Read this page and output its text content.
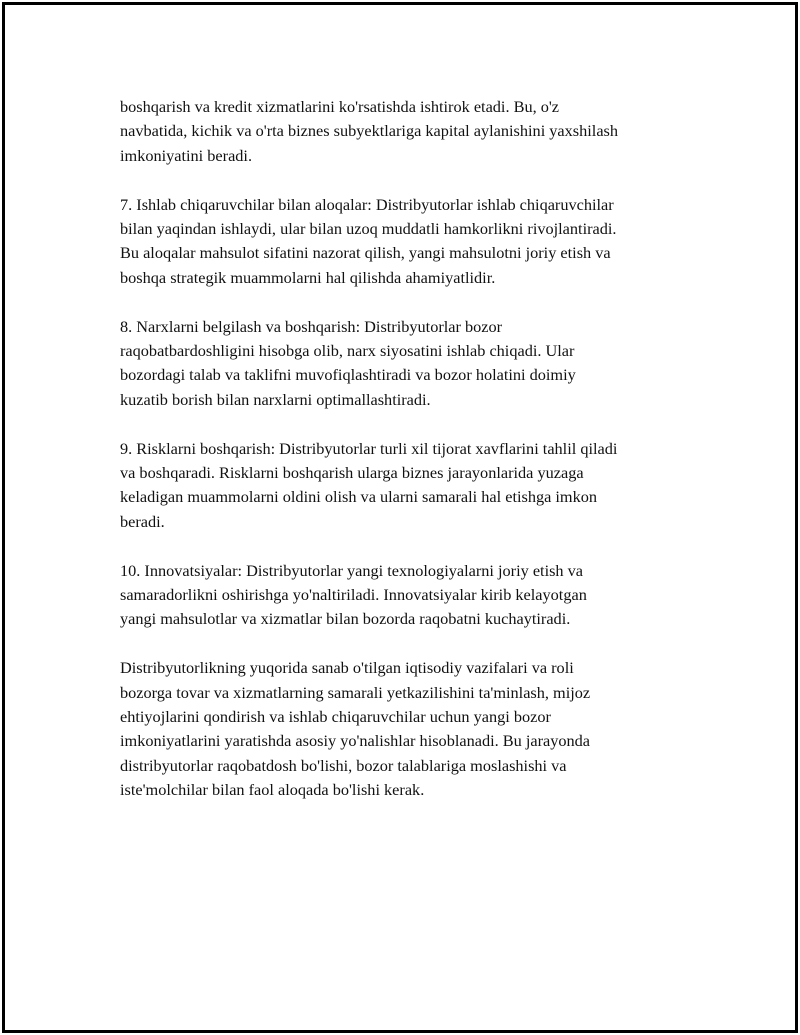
boshqarish va kredit xizmatlarini ko'rsatishda ishtirok etadi. Bu, o'z
navbatida, kichik va o'rta biznes subyektlariga kapital aylanishini yaxshilash
imkoniyatini beradi.

7. Ishlab chiqaruvchilar bilan aloqalar: Distribyutorlar ishlab chiqaruvchilar
bilan yaqindan ishlaydi, ular bilan uzoq muddatli hamkorlikni rivojlantiradi.
Bu aloqalar mahsulot sifatini nazorat qilish, yangi mahsulotni joriy etish va
boshqa strategik muammolarni hal qilishda ahamiyatlidir.

8. Narxlarni belgilash va boshqarish: Distribyutorlar bozor
raqobatbardoshligini hisobga olib, narx siyosatini ishlab chiqadi. Ular
bozordagi talab va taklifni muvofiqlashtiradi va bozor holatini doimiy
kuzatib borish bilan narxlarni optimallashtiradi.

9. Risklarni boshqarish: Distribyutorlar turli xil tijorat xavflarini tahlil qiladi
va boshqaradi. Risklarni boshqarish ularga biznes jarayonlarida yuzaga
keladigan muammolarni oldini olish va ularni samarali hal etishga imkon
beradi.

10. Innovatsiyalar: Distribyutorlar yangi texnologiyalarni joriy etish va
samaradorlikni oshirishga yo'naltiriladi. Innovatsiyalar kirib kelayotgan
yangi mahsulotlar va xizmatlar bilan bozorda raqobatni kuchaytiradi.

Distribyutorlikning yuqorida sanab o'tilgan iqtisodiy vazifalari va roli
bozorga tovar va xizmatlarning samarali yetkazilishini ta'minlash, mijoz
ehtiyojlarini qondirish va ishlab chiqaruvchilar uchun yangi bozor
imkoniyatlarini yaratishda asosiy yo'nalishlar hisoblanadi. Bu jarayonda
distribyutorlar raqobatdosh bo'lishi, bozor talablariga moslashishi va
iste'molchilar bilan faol aloqada bo'lishi kerak.
